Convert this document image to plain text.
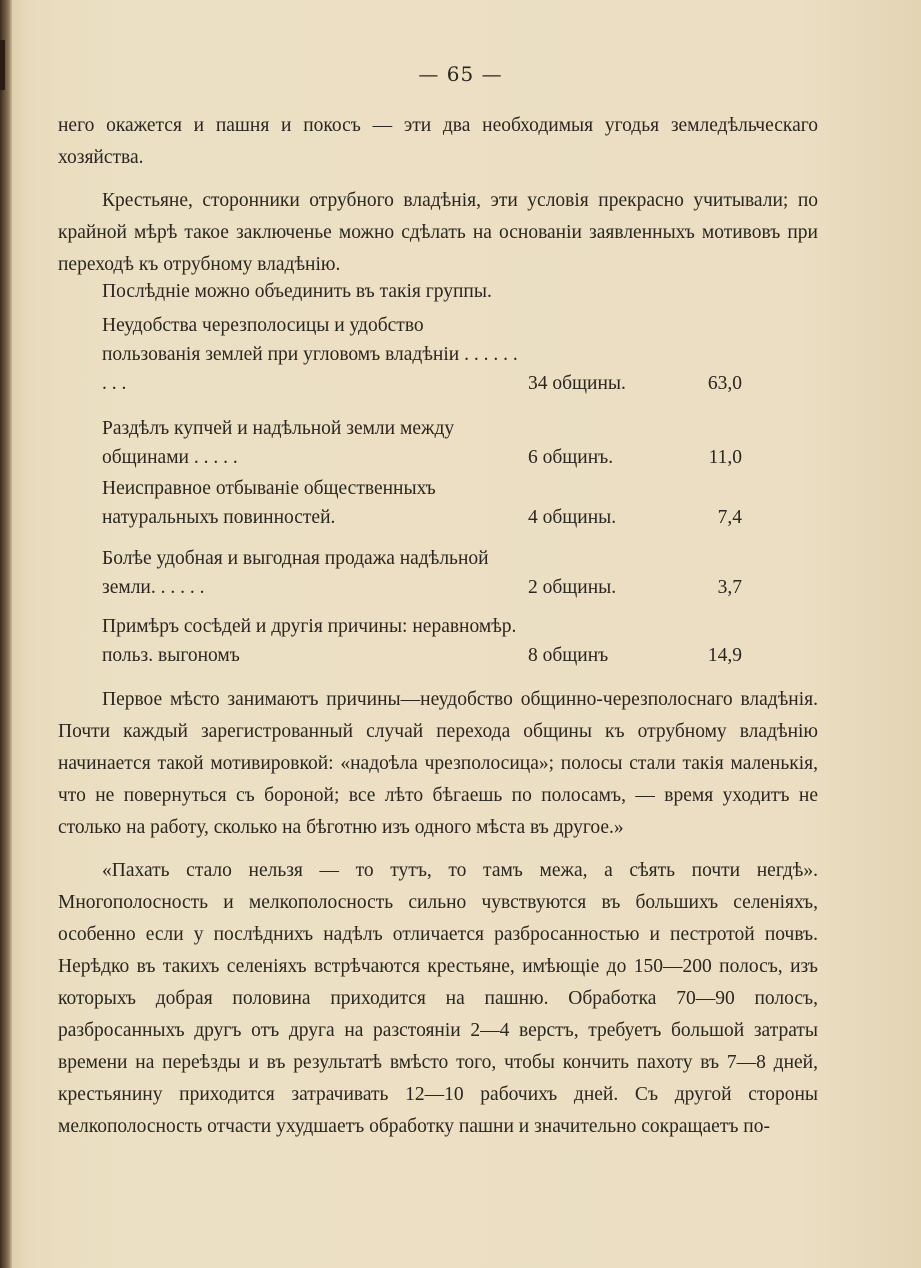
— 65 —

него окажется и пашня и покосъ — эти два необходимыя угодья земледѣльческаго хозяйства.

Крестьяне, сторонники отрубного владѣнія, эти условія прекрасно учитывали; по крайной мѣрѣ такое заключенье можно сдѣлать на основаніи заявленныхъ мотивовъ при переходѣ къ отрубному владѣнію.

Послѣдніе можно объединить въ такія группы.

Неудобства черезполосицы и удобство пользованія землей при угловомъ владѣніи . . . . . . . . .	34 общины.	63,0
Раздѣлъ купчей и надѣльной земли между общинами . . . . .	6 общинъ.	11,0
Неисправное отбываніе общественныхъ натуральныхъ повинностей.	4 общины.	7,4
Болѣе удобная и выгодная продажа надѣльной земли. . . . . .	2 общины.	3,7
Примѣръ сосѣдей и другія причины: неравномѣр. польз. выгономъ	8 общинъ	14,9

Первое мѣсто занимаютъ причины—неудобство общинно-черезполоснаго владѣнія. Почти каждый зарегистрованный случай перехода общины къ отрубному владѣнію начинается такой мотивировкой: «надоѣла чрезполосица»; полосы стали такія маленькія, что не повернуться съ бороной; все лѣто бѣгаешь по полосамъ, — время уходитъ не столько на работу, сколько на бѣготню изъ одного мѣста въ другое.»

«Пахать стало нельзя — то тутъ, то тамъ межа, а сѣять почти негдѣ». Многополосность и мелкополосность сильно чувствуются въ большихъ селеніяхъ, особенно если у послѣднихъ надѣлъ отличается разбросанностью и пестротой почвъ. Нерѣдко въ такихъ селеніяхъ встрѣчаются крестьяне, имѣющіе до 150—200 полосъ, изъ которыхъ добрая половина приходится на пашню. Обработка 70—90 полосъ, разбросанныхъ другъ отъ друга на разстояніи 2—4 верстъ, требуетъ большой затраты времени на переѣзды и въ результатѣ вмѣсто того, чтобы кончить пахоту въ 7—8 дней, крестьянину приходится затрачивать 12—10 рабочихъ дней. Съ другой стороны мелкополосность отчасти ухудшаетъ обработку пашни и значительно сокращаетъ по-
